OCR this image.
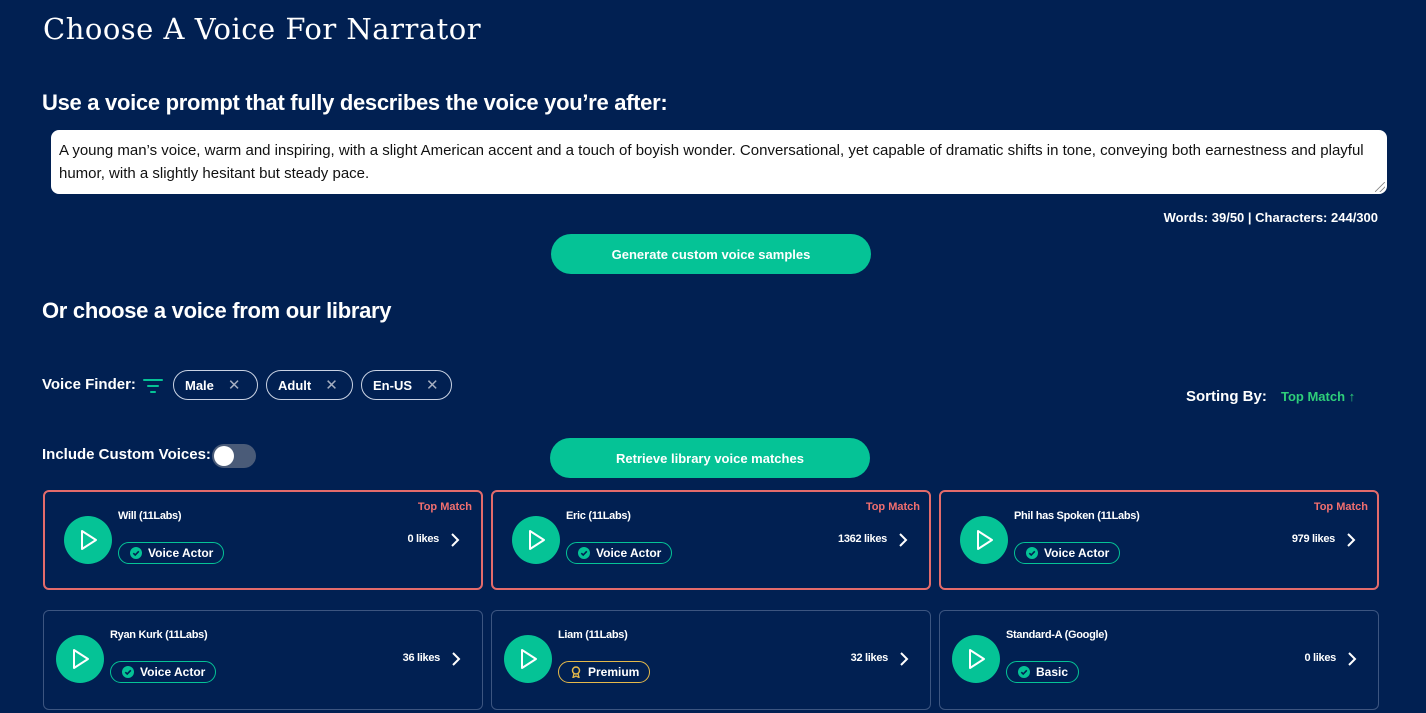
Choose A Voice For Narrator
Use a voice prompt that fully describes the voice you’re after:
A young man’s voice, warm and inspiring, with a slight American accent and a touch of boyish wonder. Conversational, yet capable of dramatic shifts in tone, conveying both earnestness and playful humor, with a slightly hesitant but steady pace.
Words: 39/50 | Characters: 244/300
Generate custom voice samples
Or choose a voice from our library
Voice Finder:	Male ✕	Adult ✕	En-US ✕
Sorting By: Top Match ↑
Include Custom Voices:	Retrieve library voice matches
Will (11Labs)
Voice Actor
Top Match
0 likes
Eric (11Labs)
Voice Actor
Top Match
1362 likes
Phil has Spoken (11Labs)
Voice Actor
Top Match
979 likes
Ryan Kurk (11Labs)
Voice Actor
36 likes
Liam (11Labs)
Premium
32 likes
Standard-A (Google)
Basic
0 likes
